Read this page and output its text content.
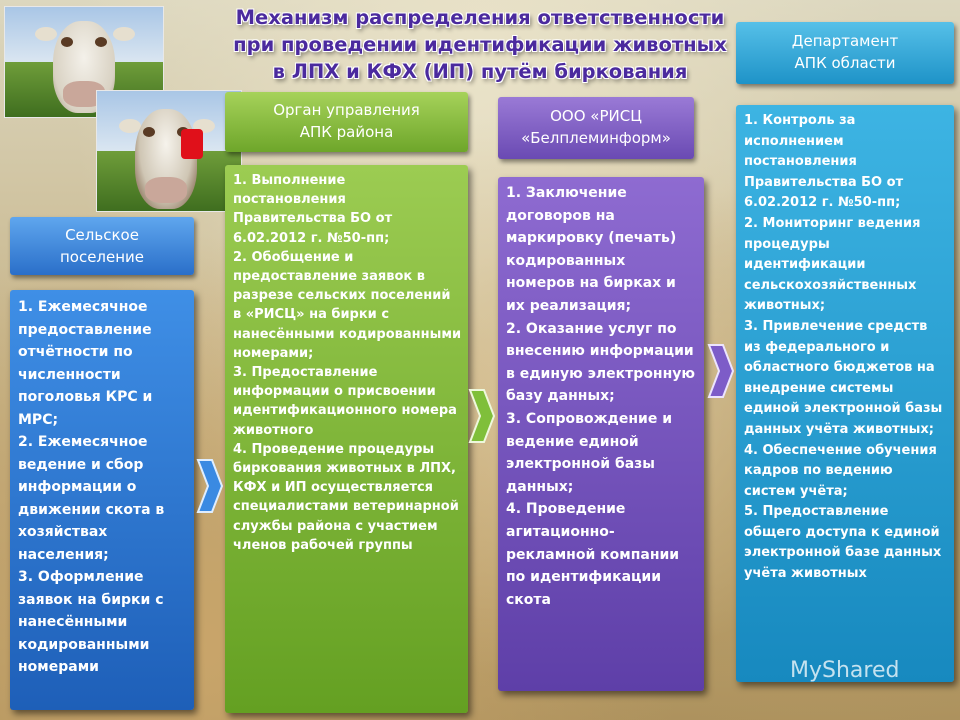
Механизм распределения ответственности
при проведении идентификации животных
в ЛПХ и КФХ (ИП) путём биркования
Сельское
поселение
1. Ежемесячное предоставление отчётности по численности поголовья КРС и МРС;
2. Ежемесячное ведение и сбор информации о движении скота в хозяйствах населения;
3. Оформление заявок на бирки с нанесёнными кодированными номерами
Орган управления
АПК района
1. Выполнение постановления Правительства БО от 6.02.2012 г. №50-пп;
2. Обобщение и предоставление заявок в разрезе сельских поселений в «РИСЦ» на бирки с нанесёнными кодированными номерами;
3. Предоставление информации о присвоении идентификационного номера животного
4. Проведение процедуры биркования животных в ЛПХ, КФХ и ИП осуществляется специалистами ветеринарной службы района с участием членов рабочей группы
ООО «РИСЦ
«Белплеминформ»
1. Заключение договоров на маркировку (печать) кодированных номеров на бирках и их реализация;
2. Оказание услуг по внесению информации в единую электронную базу данных;
3. Сопровождение и ведение единой электронной базы данных;
4. Проведение агитационно-рекламной компании по идентификации скота
Департамент
АПК области
1. Контроль за исполнением постановления Правительства БО от 6.02.2012 г. №50-пп;
2. Мониторинг ведения процедуры идентификации сельскохозяйственных животных;
3. Привлечение средств из федерального и областного бюджетов на внедрение системы единой электронной базы данных учёта животных;
4. Обеспечение обучения кадров по ведению систем учёта;
5. Предоставление общего доступа к единой электронной базе данных учёта животных
MyShared
